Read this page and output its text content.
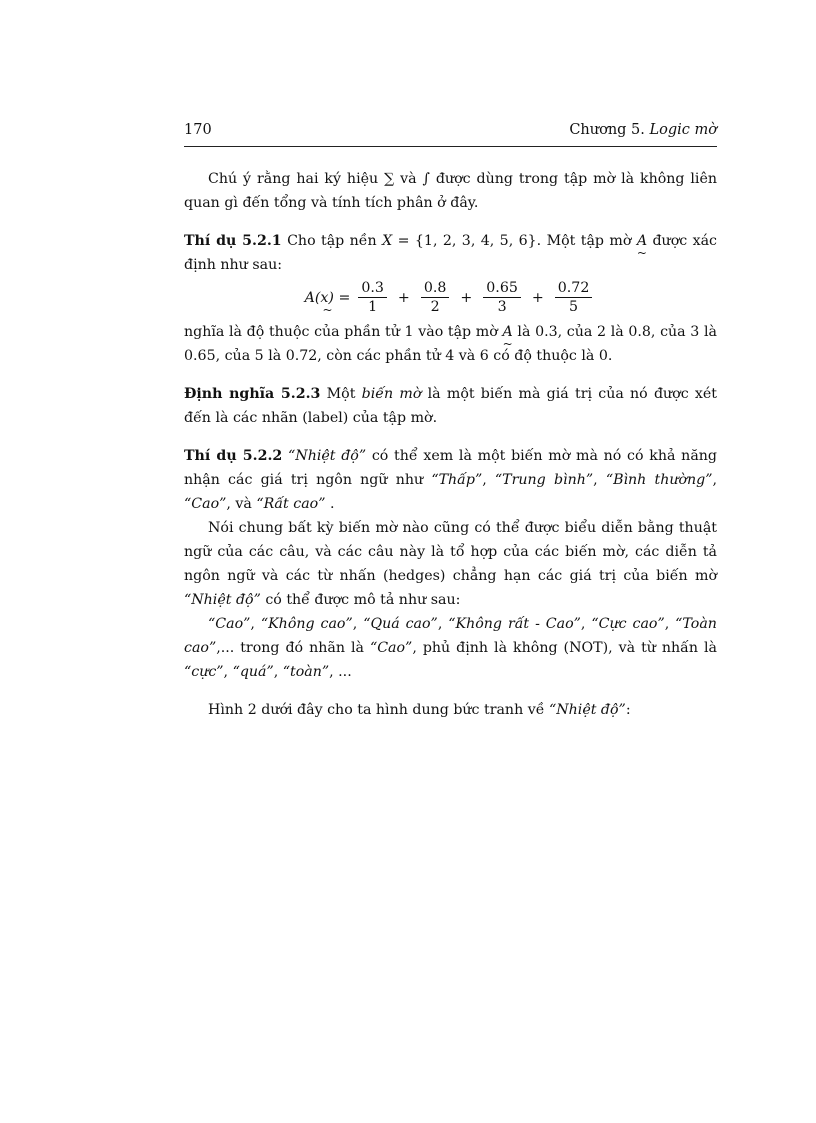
170	Chương 5. Logic mờ

Chú ý rằng hai ký hiệu ∑ và ∫ được dùng trong tập mờ là không liên quan gì đến tổng và tính tích phân ở đây.

Thí dụ 5.2.1 Cho tập nền X = {1, 2, 3, 4, 5, 6}. Một tập mờ A ~ được xác định như sau:

A(x) = ~ $\frac{0.3}{1} + \frac{0.8}{2} + \frac{0.65}{3} + \frac{0.72}{5}$

nghĩa là độ thuộc của phần tử 1 vào tập mờ A ~ là 0.3, của 2 là 0.8, của 3 là 0.65, của 5 là 0.72, còn các phần tử 4 và 6 có độ thuộc là 0.

Định nghĩa 5.2.3 Một biến mờ là một biến mà giá trị của nó được xét đến là các nhãn (label) của tập mờ.

Thí dụ 5.2.2 “Nhiệt độ” có thể xem là một biến mờ mà nó có khả năng nhận các giá trị ngôn ngữ như “Thấp”, “Trung bình”, “Bình thường”, “Cao”, và “Rất cao” .

Nói chung bất kỳ biến mờ nào cũng có thể được biểu diễn bằng thuật ngữ của các câu, và các câu này là tổ hợp của các biến mờ, các diễn tả ngôn ngữ và các từ nhấn (hedges) chẳng hạn các giá trị của biến mờ “Nhiệt độ” có thể được mô tả như sau:

“Cao”, “Không cao”, “Quá cao”, “Không rất - Cao”, “Cực cao”, “Toàn cao”,... trong đó nhãn là “Cao”, phủ định là không (NOT), và từ nhấn là “cực”, “quá”, “toàn”, ...

Hình 2 dưới đây cho ta hình dung bức tranh về “Nhiệt độ”:
